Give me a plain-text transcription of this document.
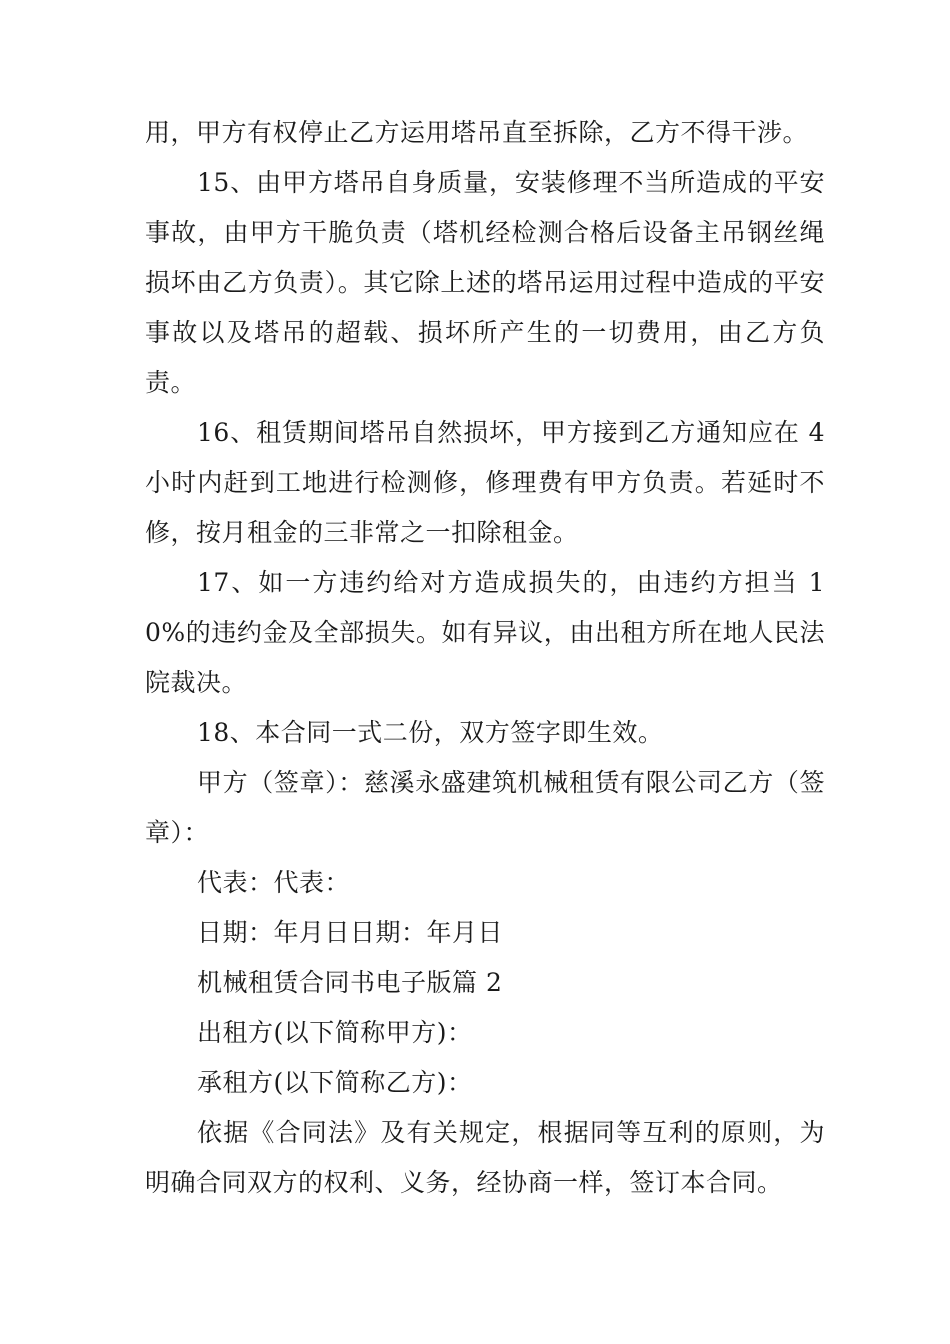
用，甲方有权停止乙方运用塔吊直至拆除，乙方不得干涉。

15、由甲方塔吊自身质量，安装修理不当所造成的平安事故，由甲方干脆负责（塔机经检测合格后设备主吊钢丝绳损坏由乙方负责）。其它除上述的塔吊运用过程中造成的平安事故以及塔吊的超载、损坏所产生的一切费用，由乙方负责。

16、租赁期间塔吊自然损坏，甲方接到乙方通知应在 4 小时内赶到工地进行检测修，修理费有甲方负责。若延时不修，按月租金的三非常之一扣除租金。

17、如一方违约给对方造成损失的，由违约方担当 10%的违约金及全部损失。如有异议，由出租方所在地人民法院裁决。

18、本合同一式二份，双方签字即生效。

甲方（签章）：慈溪永盛建筑机械租赁有限公司乙方（签章）：

代表：代表：

日期：年月日日期：年月日

机械租赁合同书电子版篇 2

出租方(以下简称甲方)：

承租方(以下简称乙方)：

依据《合同法》及有关规定，根据同等互利的原则，为明确合同双方的权利、义务，经协商一样，签订本合同。
